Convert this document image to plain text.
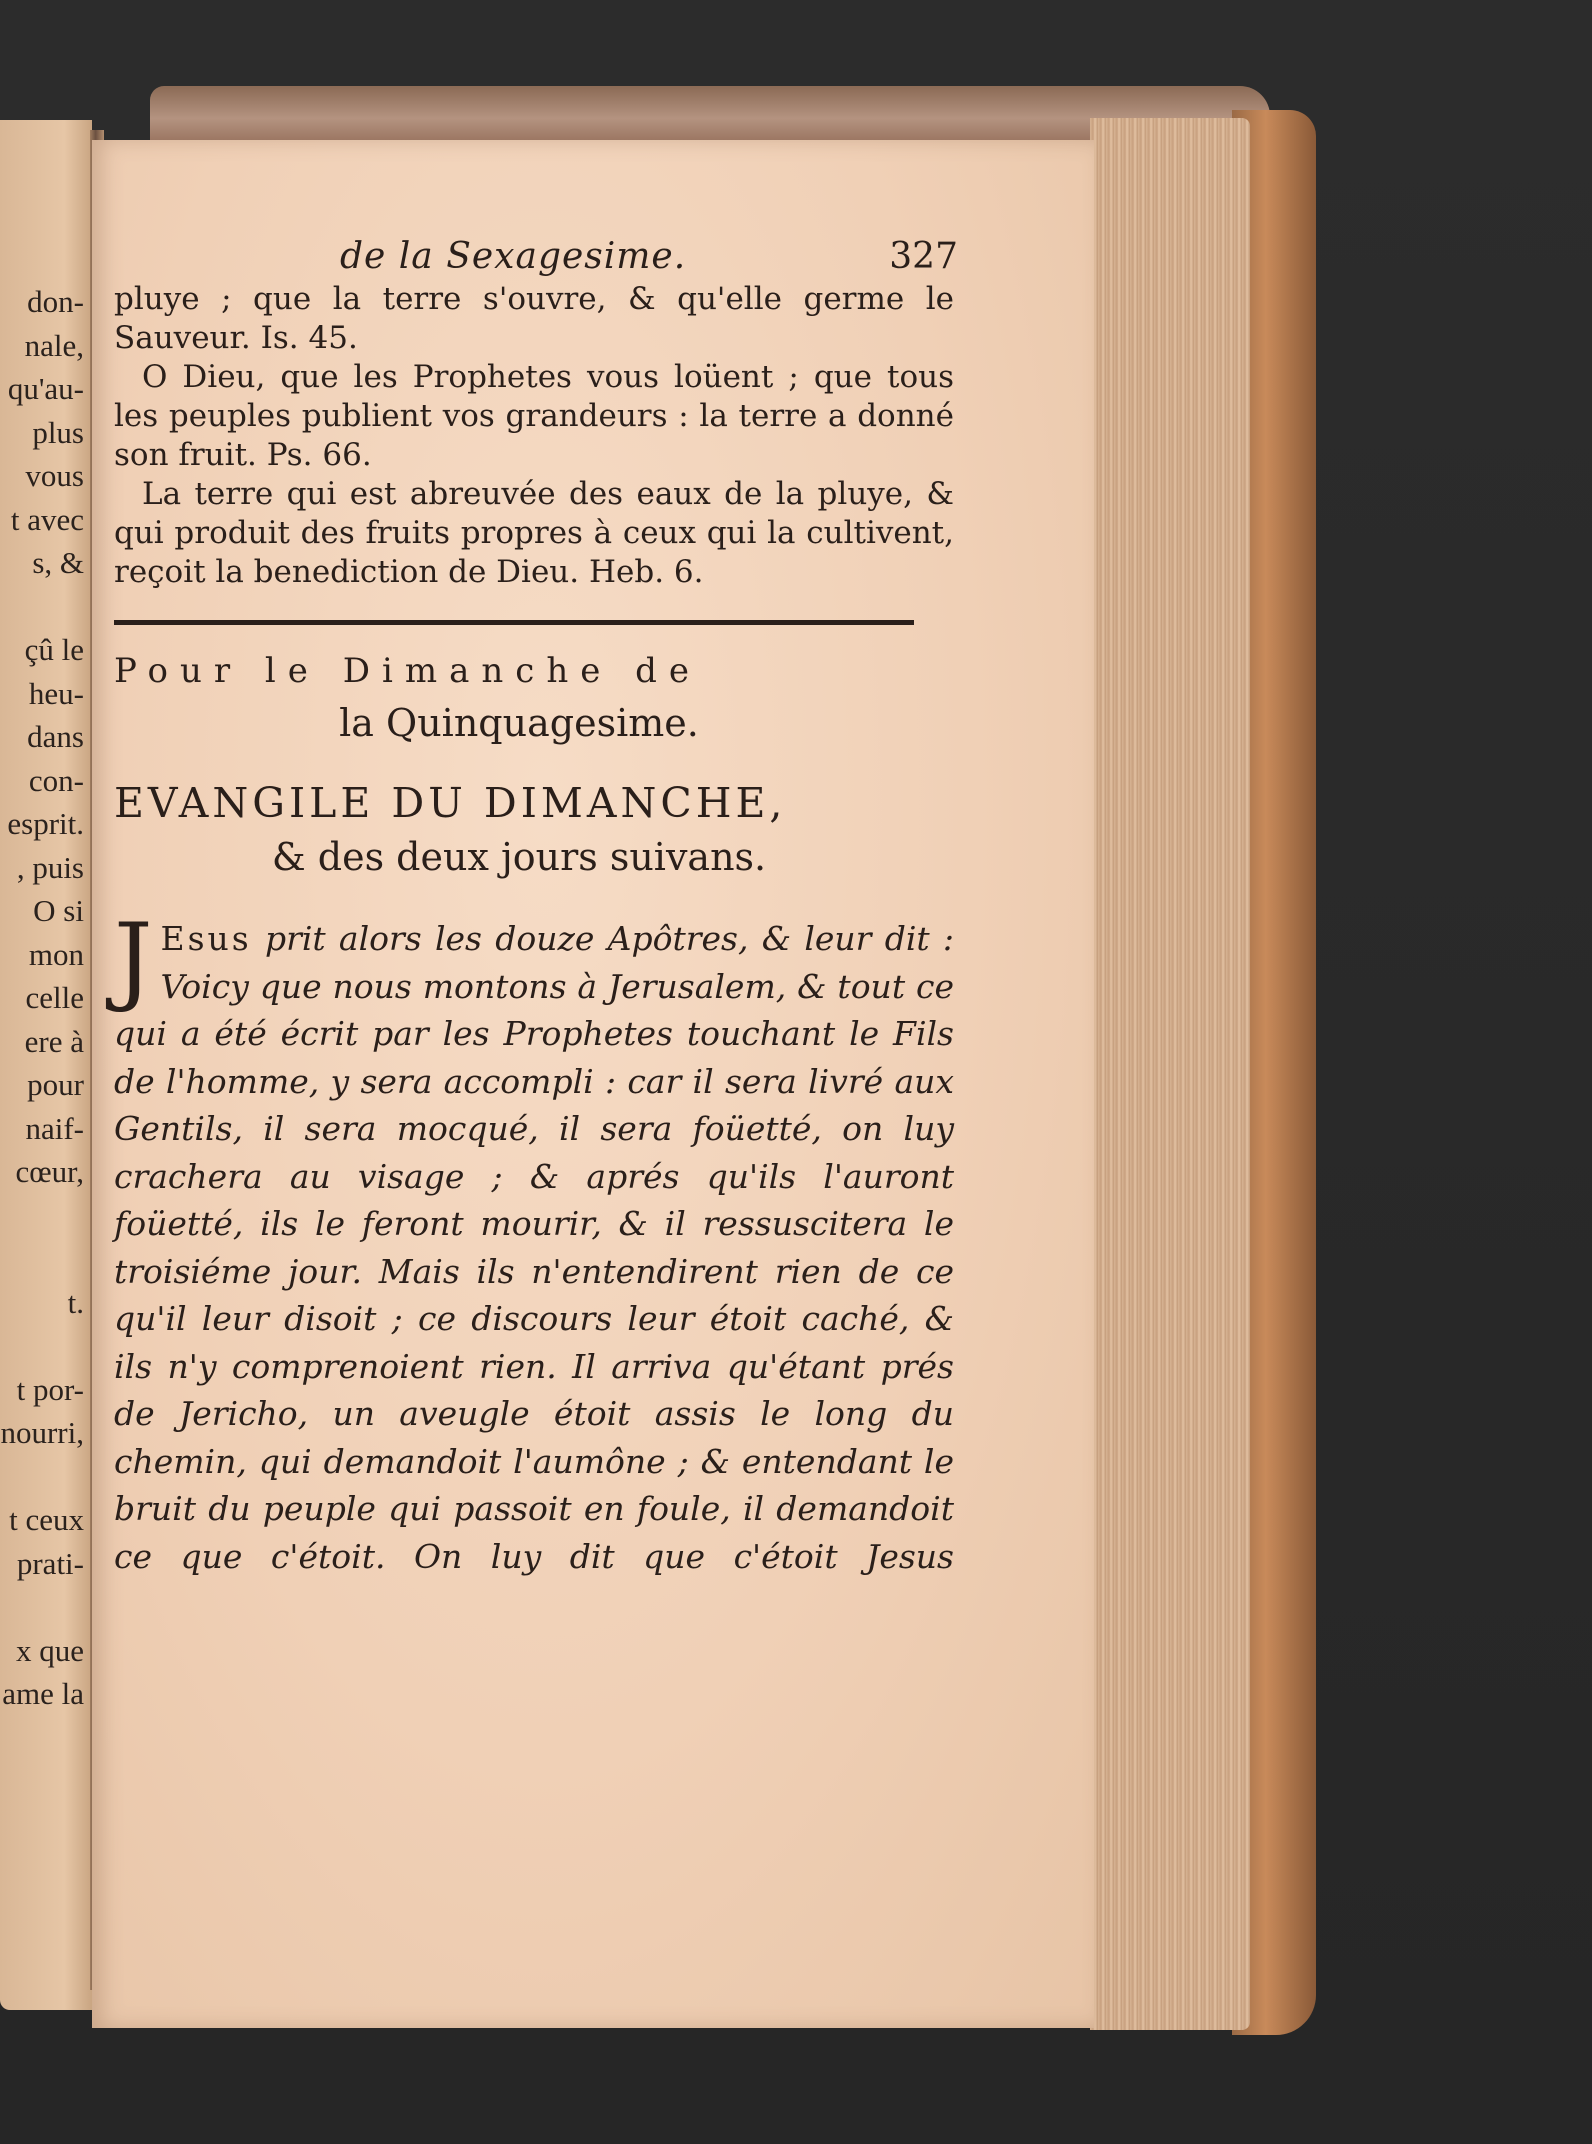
don-
nale,
qu'au-
plus
vous
t avec
s, &
çû le
heu-
dans
con-
esprit.
, puis
O si
mon
celle
ere à
pour
naif-
cœur,
t.
t por-
nourri,
t ceux
prati-
x que
ame la
de la Sexagesime.	327
pluye ; que la terre s'ouvre, & qu'elle germe le Sauveur. Is. 45.
O Dieu, que les Prophetes vous loüent ; que tous les peuples publient vos grandeurs : la terre a donné son fruit. Ps. 66.
La terre qui est abreuvée des eaux de la pluye, & qui produit des fruits propres à ceux qui la cultivent, reçoit la benediction de Dieu. Heb. 6.
Pour le Dimanche de
la Quinquagesime.
EVANGILE DU DIMANCHE,
& des deux jours suivans.
J Esus prit alors les douze Apôtres, & leur dit : Voicy que nous montons à Jerusalem, & tout ce qui a été écrit par les Prophetes touchant le Fils de l'homme, y sera accompli : car il sera livré aux Gentils, il sera mocqué, il sera foüetté, on luy crachera au visage ; & aprés qu'ils l'auront foüetté, ils le feront mourir, & il ressuscitera le troisiéme jour. Mais ils n'entendirent rien de ce qu'il leur disoit ; ce discours leur étoit caché, & ils n'y comprenoient rien. Il arriva qu'étant prés de Jericho, un aveugle étoit assis le long du chemin, qui demandoit l'aumône ; & entendant le bruit du peuple qui passoit en foule, il demandoit ce que c'étoit. On luy dit que c'étoit Jesus
